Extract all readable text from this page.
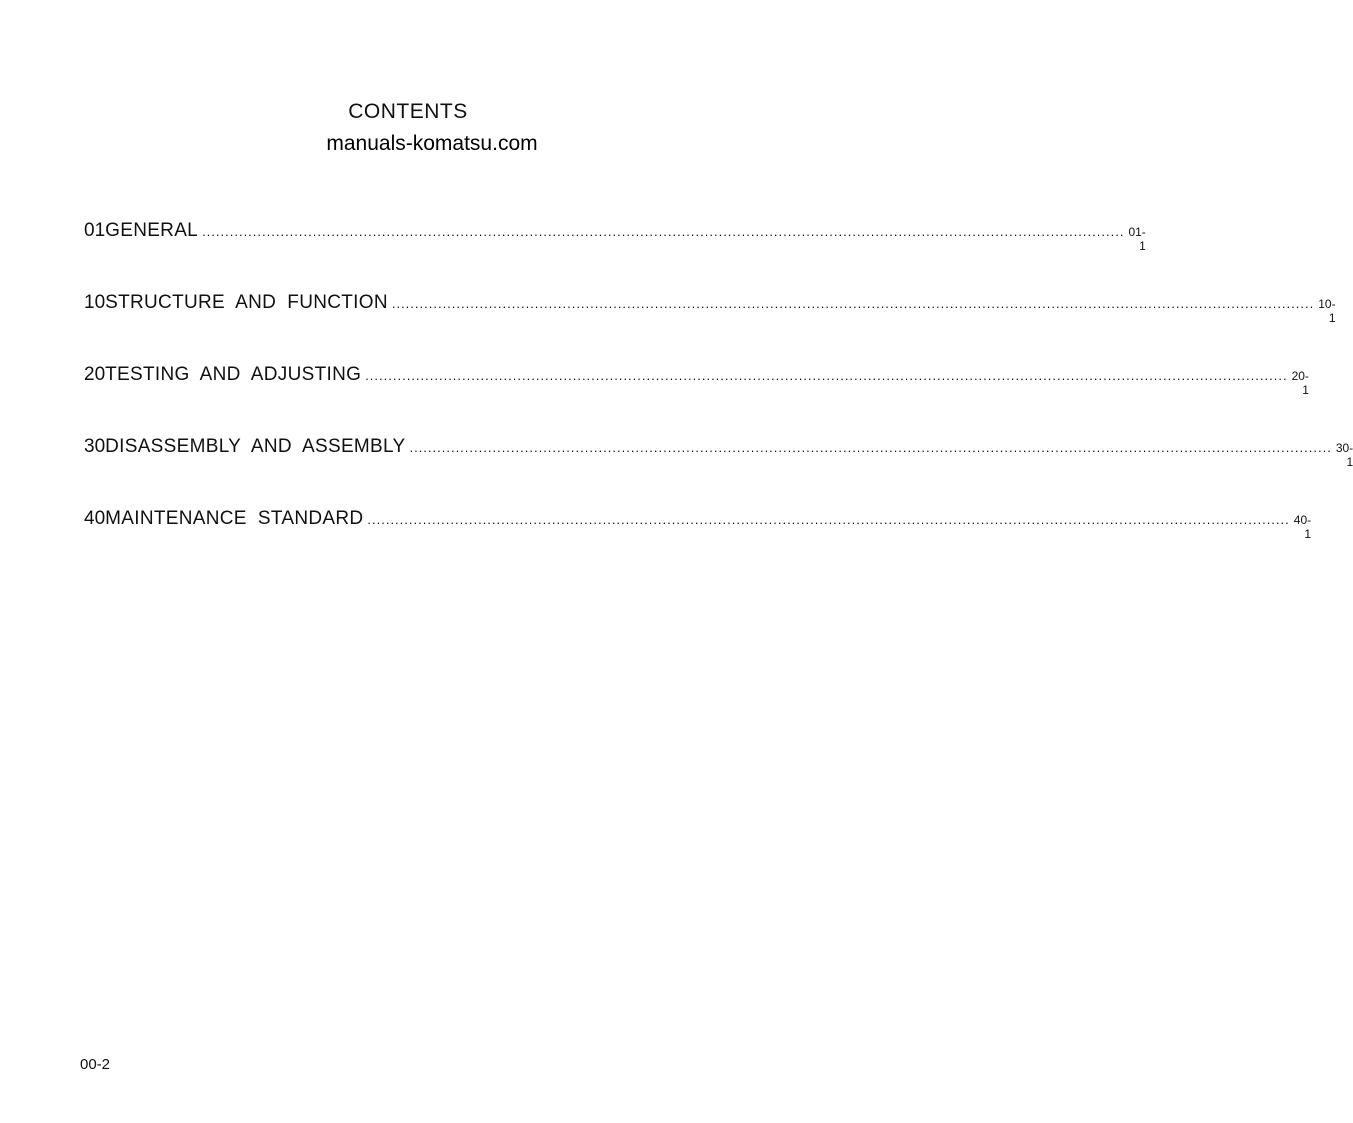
CONTENTS
manuals-komatsu.com
01 GENERAL ........................................................................................................................................................................................................ 01-1
10 STRUCTURE  AND  FUNCTION ........................................................................................................................................................................................................ 10-1
20 TESTING  AND  ADJUSTING ........................................................................................................................................................................................................ 20-1
30 DISASSEMBLY  AND  ASSEMBLY ........................................................................................................................................................................................................ 30-1
40 MAINTENANCE  STANDARD ........................................................................................................................................................................................................ 40-1
00-2
